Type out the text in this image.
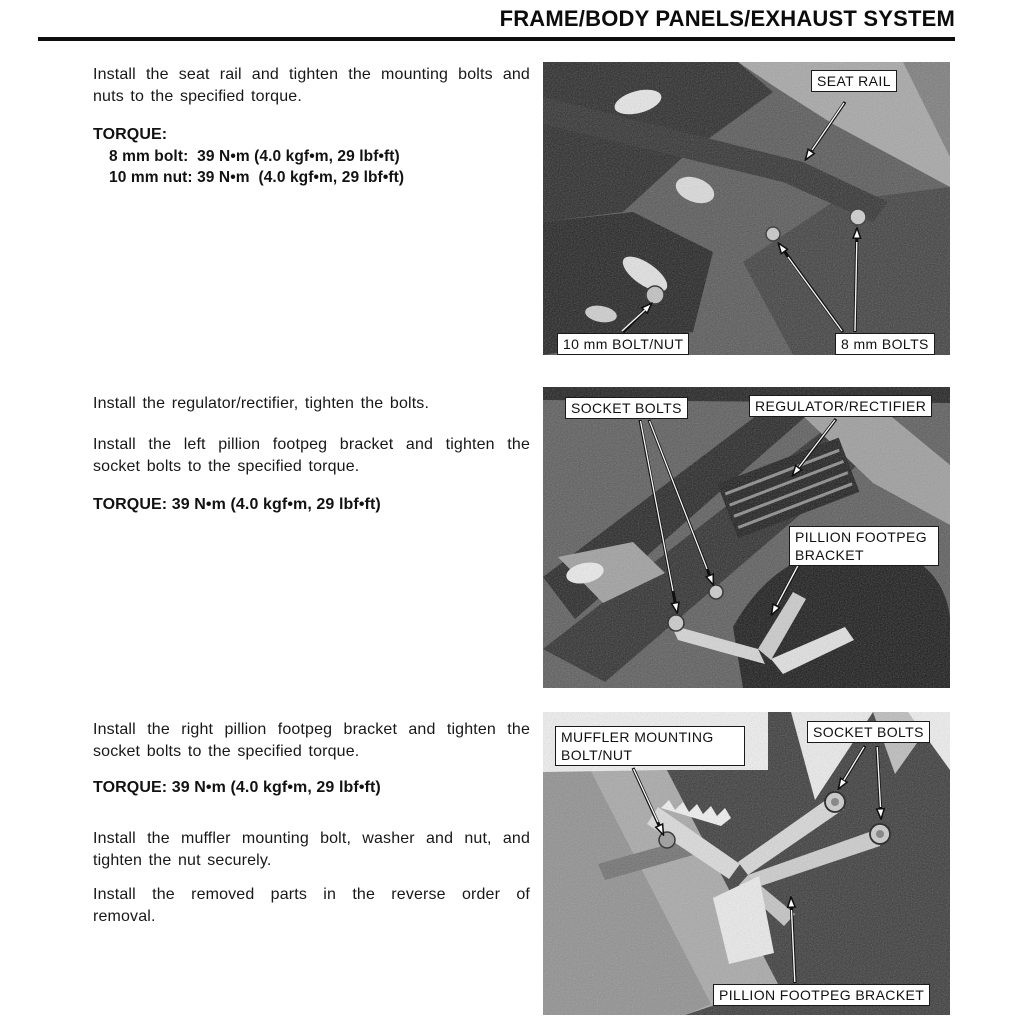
FRAME/BODY PANELS/EXHAUST SYSTEM

Install the seat rail and tighten the mounting bolts and nuts to the specified torque.

TORQUE:
8 mm bolt:  39 N•m (4.0 kgf•m, 29 lbf•ft)
10 mm nut: 39 N•m  (4.0 kgf•m, 29 lbf•ft)
SEAT RAIL
10 mm BOLT/NUT	8 mm BOLTS

Install the regulator/rectifier, tighten the bolts.

Install the left pillion footpeg bracket and tighten the socket bolts to the specified torque.

TORQUE: 39 N•m (4.0 kgf•m, 29 lbf•ft)
SOCKET BOLTS	REGULATOR/RECTIFIER
PILLION FOOTPEG BRACKET

Install the right pillion footpeg bracket and tighten the socket bolts to the specified torque.

TORQUE: 39 N•m (4.0 kgf•m, 29 lbf•ft)

Install the muffler mounting bolt, washer and nut, and tighten the nut securely.

Install the removed parts in the reverse order of removal.

MUFFLER MOUNTING BOLT/NUT
SOCKET BOLTS
PILLION FOOTPEG BRACKET
